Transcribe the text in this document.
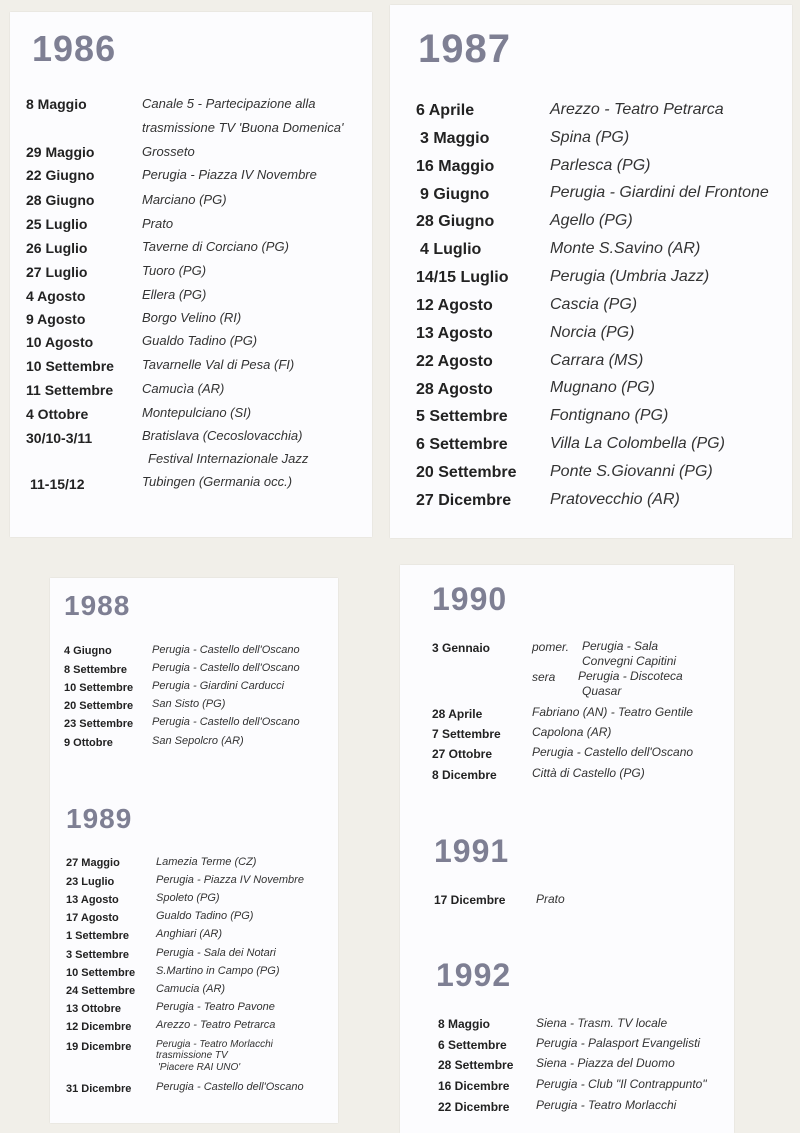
1986
8 Maggio	Canale 5 - Partecipazione alla
trasmissione TV 'Buona Domenica'
29 Maggio	Grosseto
22 Giugno	Perugia - Piazza IV Novembre
28 Giugno	Marciano (PG)
25 Luglio	Prato
26 Luglio	Taverne di Corciano (PG)
27 Luglio	Tuoro (PG)
4 Agosto	Ellera (PG)
9 Agosto	Borgo Velino (RI)
10 Agosto	Gualdo Tadino (PG)
10 Settembre Tavarnelle Val di Pesa (FI)
11 Settembre Camucìa (AR)
4 Ottobre	Montepulciano (SI)
30/10-3/11	Bratislava (Cecoslovacchia)
Festival Internazionale Jazz
11-15/12	Tubingen (Germania occ.)
1987
6 Aprile	Arezzo - Teatro Petrarca
3 Maggio	Spina (PG)
16 Maggio	Parlesca (PG)
9 Giugno	Perugia - Giardini del Frontone
28 Giugno	Agello (PG)
4 Luglio	Monte S.Savino (AR)
14/15 Luglio	Perugia (Umbria Jazz)
12 Agosto	Cascia (PG)
13 Agosto	Norcia (PG)
22 Agosto	Carrara (MS)
28 Agosto	Mugnano (PG)
5 Settembre	Fontignano (PG)
6 Settembre	Villa La Colombella (PG)
20 Settembre Ponte S.Giovanni (PG)
27 Dicembre Pratovecchio (AR)
1988
4 Giugno	Perugia - Castello dell'Oscano
8 Settembre Perugia - Castello dell'Oscano
10 Settembre Perugia - Giardini Carducci
20 Settembre San Sisto (PG)
23 Settembre Perugia - Castello dell'Oscano
9 Ottobre	San Sepolcro (AR)
1989
27 Maggio	Lamezia Terme (CZ)
23 Luglio	Perugia - Piazza IV Novembre
13 Agosto	Spoleto (PG)
17 Agosto	Gualdo Tadino (PG)
1 Settembre Anghiari (AR)
3 Settembre Perugia - Sala dei Notari
10 Settembre S.Martino in Campo (PG)
24 Settembre Camucia (AR)
13 Ottobre	Perugia - Teatro Pavone
12 Dicembre Arezzo - Teatro Petrarca
19 Dicembre Perugia - Teatro Morlacchi
trasmissione TV
'Piacere RAI UNO'
31 Dicembre Perugia - Castello dell'Oscano
1990
3 Gennaio	pomer. Perugia - Sala
Convegni Capitini
sera Perugia - Discoteca
Quasar
28 Aprile	Fabriano (AN) - Teatro Gentile
7 Settembre	Capolona (AR)
27 Ottobre	Perugia - Castello dell'Oscano
8 Dicembre	Città di Castello (PG)
1991
17 Dicembre	Prato
1992
8 Maggio	Siena - Trasm. TV locale
6 Settembre Perugia - Palasport Evangelisti
28 Settembre Siena - Piazza del Duomo
16 Dicembre Perugia - Club "Il Contrappunto"
22 Dicembre Perugia - Teatro Morlacchi
